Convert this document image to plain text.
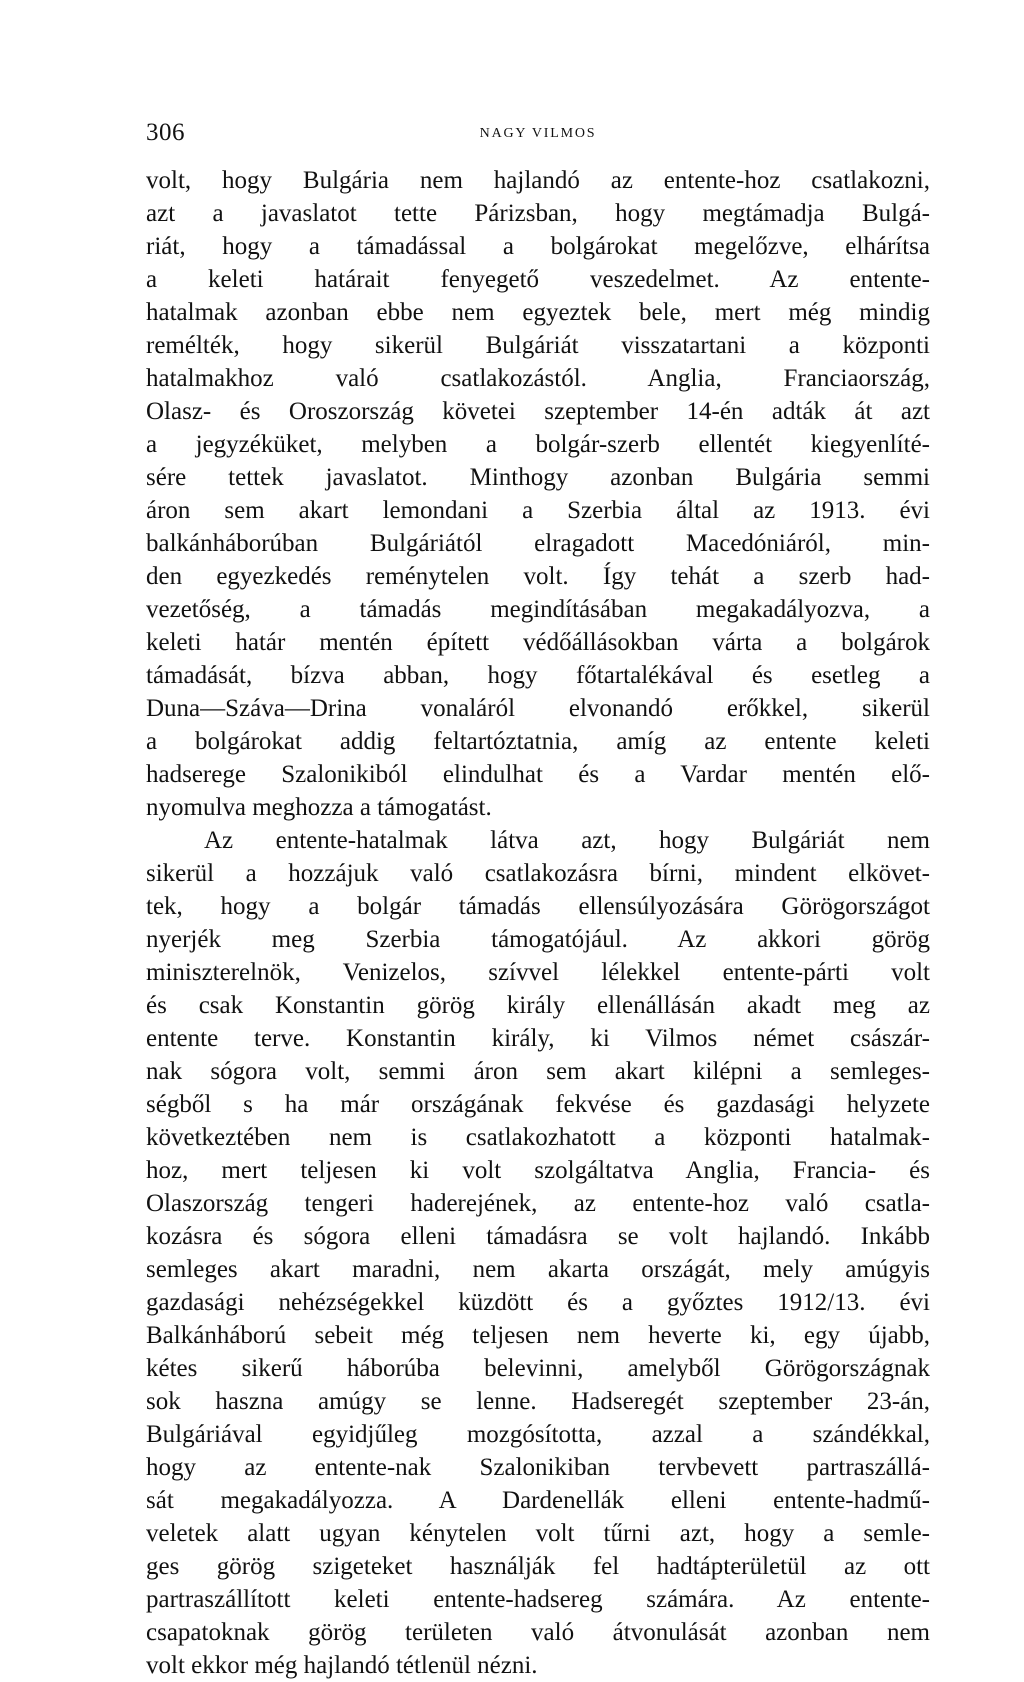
306	NAGY VILMOS
volt, hogy Bulgária nem hajlandó az entente-hoz csatlakozni,
azt a javaslatot tette Párizsban, hogy megtámadja Bulgá-
riát, hogy a támadással a bolgárokat megelőzve, elhárítsa
a keleti határait fenyegető veszedelmet. Az entente-
hatalmak azonban ebbe nem egyeztek bele, mert még mindig
remélték, hogy sikerül Bulgáriát visszatartani a központi
hatalmakhoz való csatlakozástól. Anglia, Franciaország,
Olasz- és Oroszország követei szeptember 14-én adták át azt
a jegyzéküket, melyben a bolgár-szerb ellentét kiegyenlíté-
sére tettek javaslatot. Minthogy azonban Bulgária semmi
áron sem akart lemondani a Szerbia által az 1913. évi
balkánháborúban Bulgáriától elragadott Macedóniáról, min-
den egyezkedés reménytelen volt. Így tehát a szerb had-
vezetőség, a támadás megindításában megakadályozva, a
keleti határ mentén épített védőállásokban várta a bolgárok
támadását, bízva abban, hogy főtartalékával és esetleg a
Duna—Száva—Drina vonaláról elvonandó erőkkel, sikerül
a bolgárokat addig feltartóztatnia, amíg az entente keleti
hadserege Szalonikiból elindulhat és a Vardar mentén elő-
nyomulva meghozza a támogatást.
Az entente-hatalmak látva azt, hogy Bulgáriát nem
sikerül a hozzájuk való csatlakozásra bírni, mindent elkövet-
tek, hogy a bolgár támadás ellensúlyozására Görögországot
nyerjék meg Szerbia támogatójául. Az akkori görög
miniszterelnök, Venizelos, szívvel lélekkel entente-párti volt
és csak Konstantin görög király ellenállásán akadt meg az
entente terve. Konstantin király, ki Vilmos német császár-
nak sógora volt, semmi áron sem akart kilépni a semleges-
ségből s ha már országának fekvése és gazdasági helyzete
következtében nem is csatlakozhatott a központi hatalmak-
hoz, mert teljesen ki volt szolgáltatva Anglia, Francia- és
Olaszország tengeri haderejének, az entente-hoz való csatla-
kozásra és sógora elleni támadásra se volt hajlandó. Inkább
semleges akart maradni, nem akarta országát, mely amúgyis
gazdasági nehézségekkel küzdött és a győztes 1912/13. évi
Balkánháború sebeit még teljesen nem heverte ki, egy újabb,
kétes sikerű háborúba belevinni, amelyből Görögországnak
sok haszna amúgy se lenne. Hadseregét szeptember 23-án,
Bulgáriával egyidjűleg mozgósította, azzal a szándékkal,
hogy az entente-nak Szalonikiban tervbevett partraszállá-
sát megakadályozza. A Dardenellák elleni entente-hadmű-
veletek alatt ugyan kénytelen volt tűrni azt, hogy a semle-
ges görög szigeteket használják fel hadtápterületül az ott
partraszállított keleti entente-hadsereg számára. Az entente-
csapatoknak görög területen való átvonulását azonban nem
volt ekkor még hajlandó tétlenül nézni.
